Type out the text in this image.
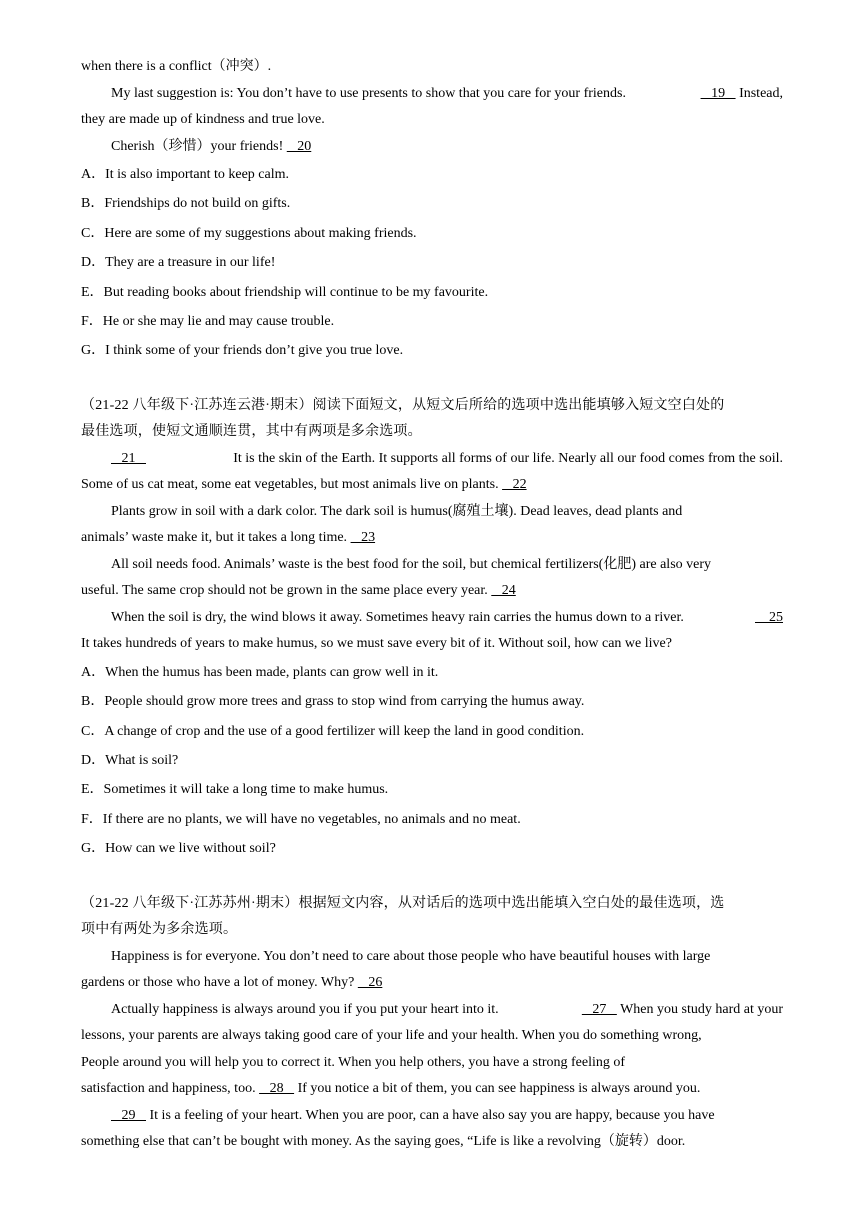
when there is a conflict（冲突）.
My last suggestion is: You don’t have to use presents to show that you care for your friends.	19    Instead,
they are made up of kindness and true love.
Cherish（珍惜）your friends!    20
A．It is also important to keep calm.
B．Friendships do not build on gifts.
C．Here are some of my suggestions about making friends.
D．They are a treasure in our life!
E．But reading books about friendship will continue to be my favourite.
F．He or she may lie and may cause trouble.
G．I think some of your friends don’t give you true love.
（21-22 八年级下·江苏连云港·期末）阅读下面短文，从短文后所给的选项中选出能填够入短文空白处的
最佳选项，使短文通顺连贯，其中有两项是多余选项。
21	It is the skin of the Earth. It supports all forms of our life. Nearly all our food comes from the soil.
Some of us cat meat, some eat vegetables, but most animals live on plants.    22
Plants grow in soil with a dark color. The dark soil is humus(腐殖土壤). Dead leaves, dead plants and
animals’ waste make it, but it takes a long time.    23
All soil needs food. Animals’ waste is the best food for the soil, but chemical fertilizers(化肥) are also very
useful. The same crop should not be grown in the same place every year.    24
When the soil is dry, the wind blows it away. Sometimes heavy rain carries the humus down to a river.	25
It takes hundreds of years to make humus, so we must save every bit of it. Without soil, how can we live?
A．When the humus has been made, plants can grow well in it.
B．People should grow more trees and grass to stop wind from carrying the humus away.
C．A change of crop and the use of a good fertilizer will keep the land in good condition.
D．What is soil?
E．Sometimes it will take a long time to make humus.
F．If there are no plants, we will have no vegetables, no animals and no meat.
G．How can we live without soil?
（21-22 八年级下·江苏苏州·期末）根据短文内容，从对话后的选项中选出能填入空白处的最佳选项，选
项中有两处为多余选项。
Happiness is for everyone. You don’t need to care about those people who have beautiful houses with large
gardens or those who have a lot of money. Why?    26
Actually happiness is always around you if you put your heart into it.	27    When you study hard at your
lessons, your parents are always taking good care of your life and your health. When you do something wrong,
People around you will help you to correct it. When you help others, you have a strong feeling of
satisfaction and happiness, too.    28    If you notice a bit of them, you can see happiness is always around you.
29    It is a feeling of your heart. When you are poor, can a have also say you are happy, because you have
something else that can’t be bought with money. As the saying goes, “Life is like a revolving（旋转）door.
